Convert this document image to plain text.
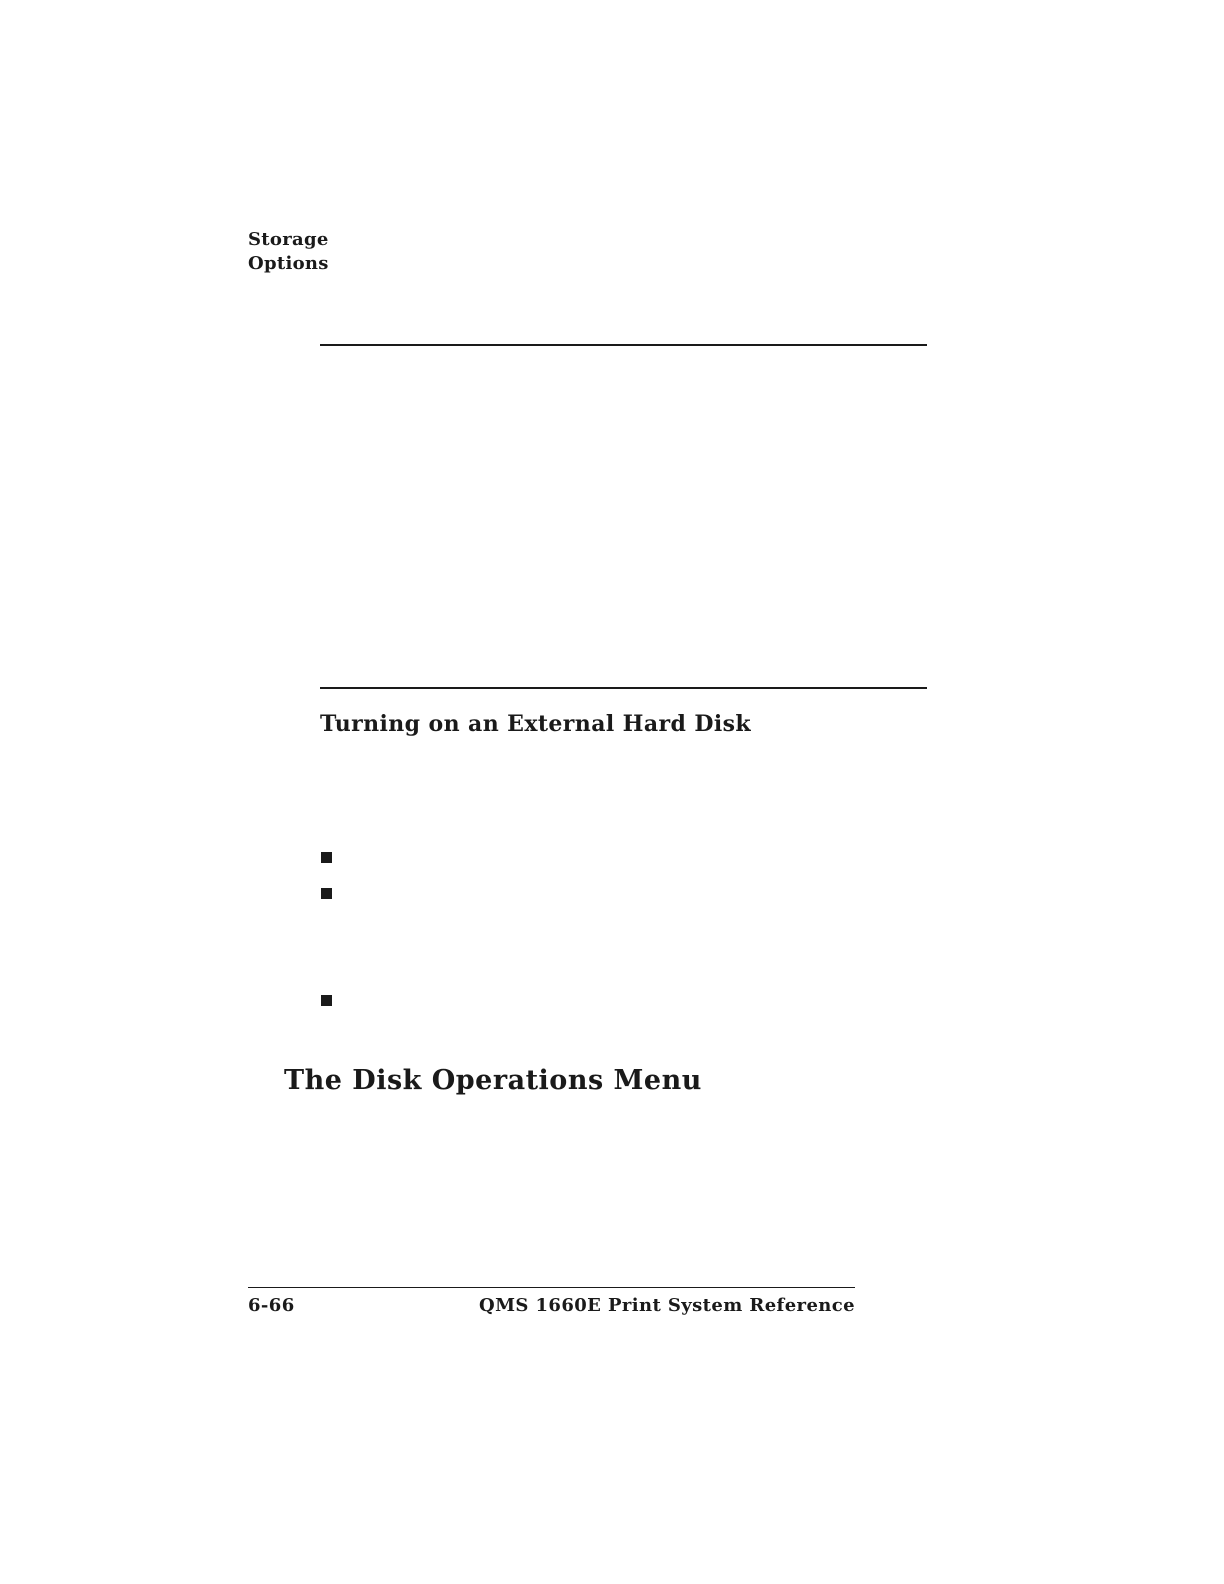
Storage
Options
Turning on an External Hard Disk
The Disk Operations Menu
6-66	QMS 1660E Print System Reference
